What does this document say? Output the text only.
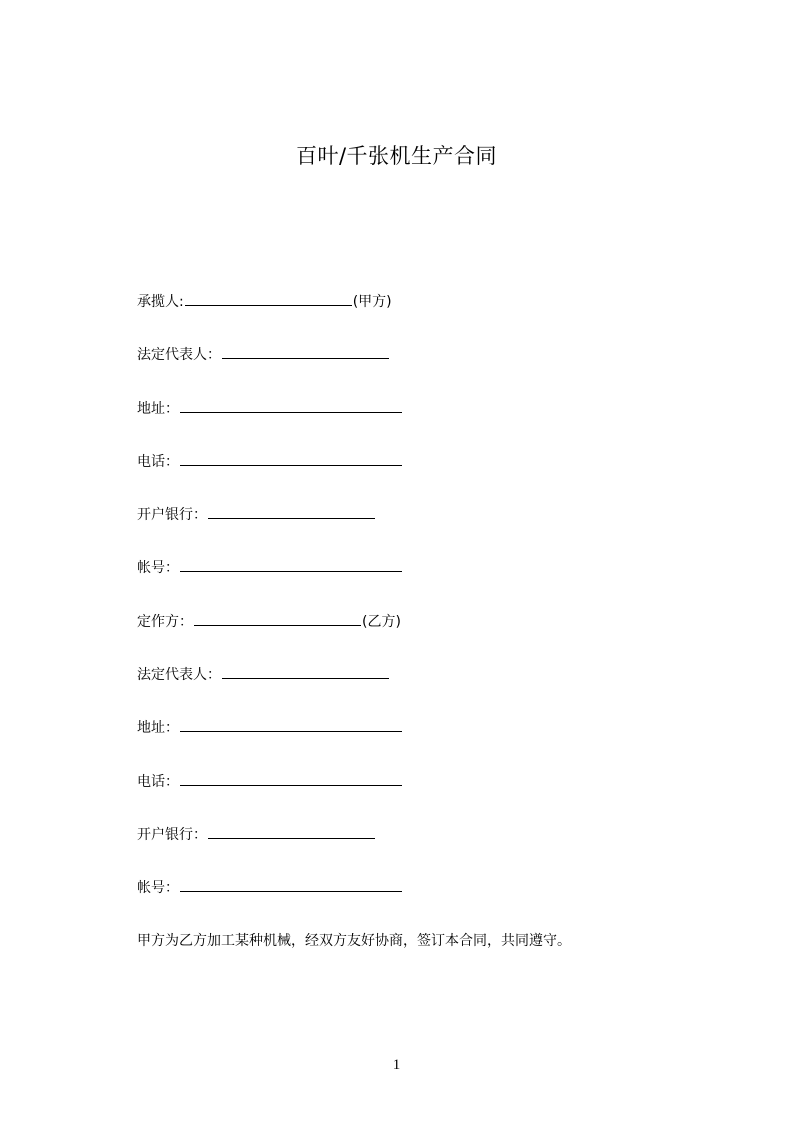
百叶/千张机生产合同
承揽人:	(甲方)
法定代表人：
地址：
电话：
开户银行：
帐号：
定作方：	(乙方)
法定代表人：
地址：
电话：
开户银行：
帐号：
甲方为乙方加工某种机械，经双方友好协商，签订本合同，共同遵守。
1
